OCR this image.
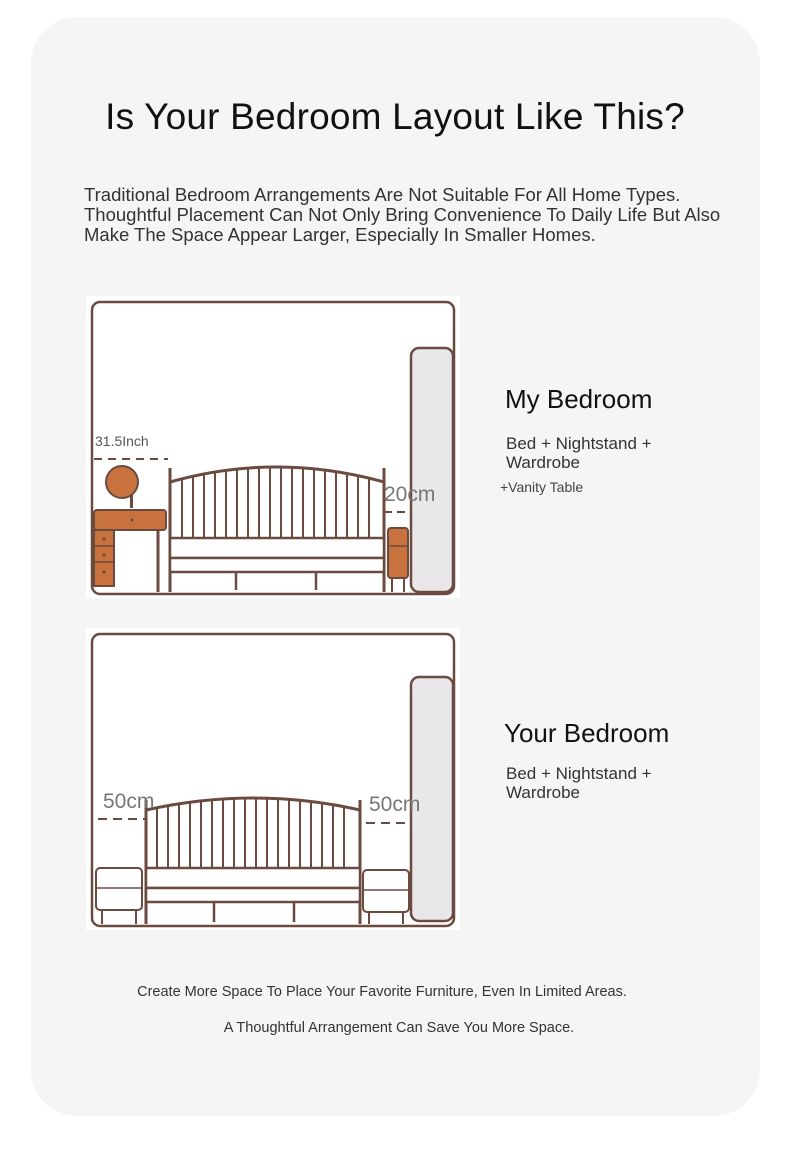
Is Your Bedroom Layout Like This?
Traditional Bedroom Arrangements Are Not Suitable For All Home Types. Thoughtful Placement Can Not Only Bring Convenience To Daily Life But Also Make The Space Appear Larger, Especially In Smaller Homes.
31.5Inch
20cm
My Bedroom
Bed + Nightstand +
Wardrobe
+Vanity Table
50cm	50cm
Your Bedroom
Bed + Nightstand +
Wardrobe
Create More Space To Place Your Favorite Furniture, Even In Limited Areas.
A Thoughtful Arrangement Can Save You More Space.
